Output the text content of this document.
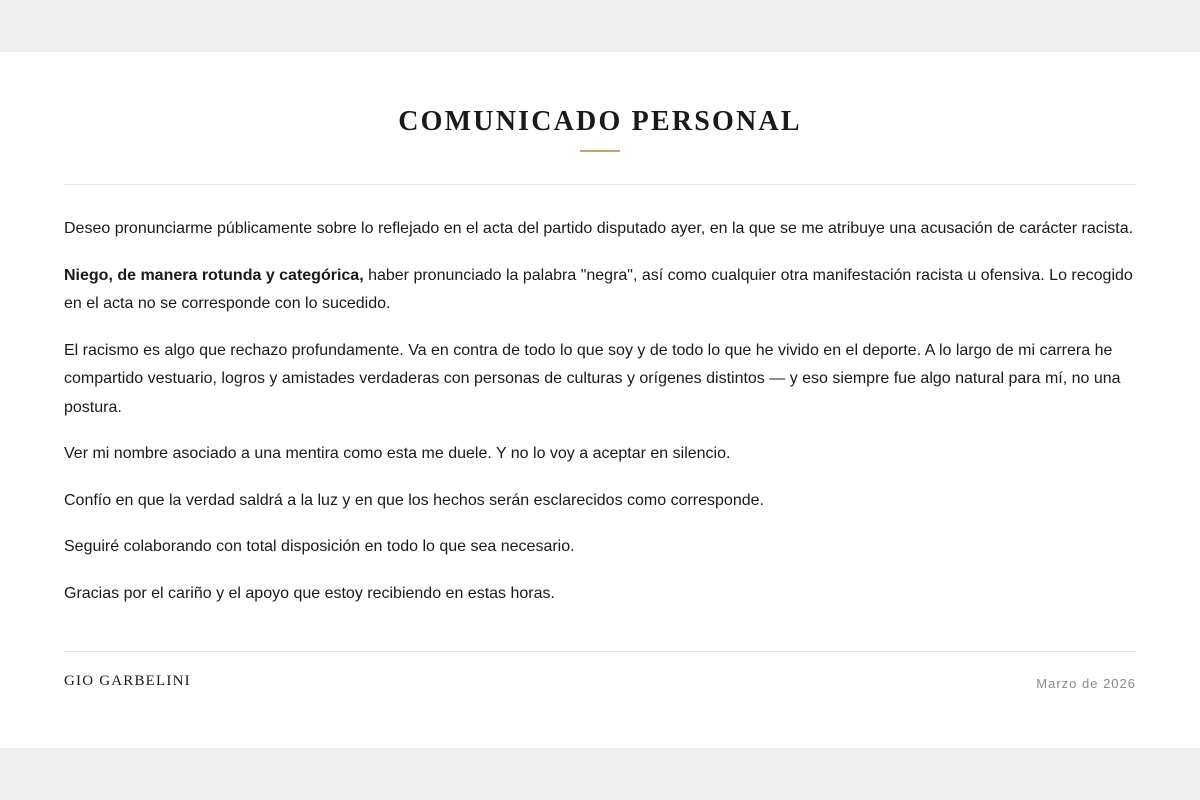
COMUNICADO PERSONAL

Deseo pronunciarme públicamente sobre lo reflejado en el acta del partido disputado ayer, en la que se me atribuye una acusación de carácter racista.

Niego, de manera rotunda y categórica, haber pronunciado la palabra "negra", así como cualquier otra manifestación racista u ofensiva. Lo recogido en el acta no se corresponde con lo sucedido.

El racismo es algo que rechazo profundamente. Va en contra de todo lo que soy y de todo lo que he vivido en el deporte. A lo largo de mi carrera he compartido vestuario, logros y amistades verdaderas con personas de culturas y orígenes distintos — y eso siempre fue algo natural para mí, no una postura.

Ver mi nombre asociado a una mentira como esta me duele. Y no lo voy a aceptar en silencio.

Confío en que la verdad saldrá a la luz y en que los hechos serán esclarecidos como corresponde.

Seguiré colaborando con total disposición en todo lo que sea necesario.

Gracias por el cariño y el apoyo que estoy recibiendo en estas horas.

GIO GARBELINI	Marzo de 2026
